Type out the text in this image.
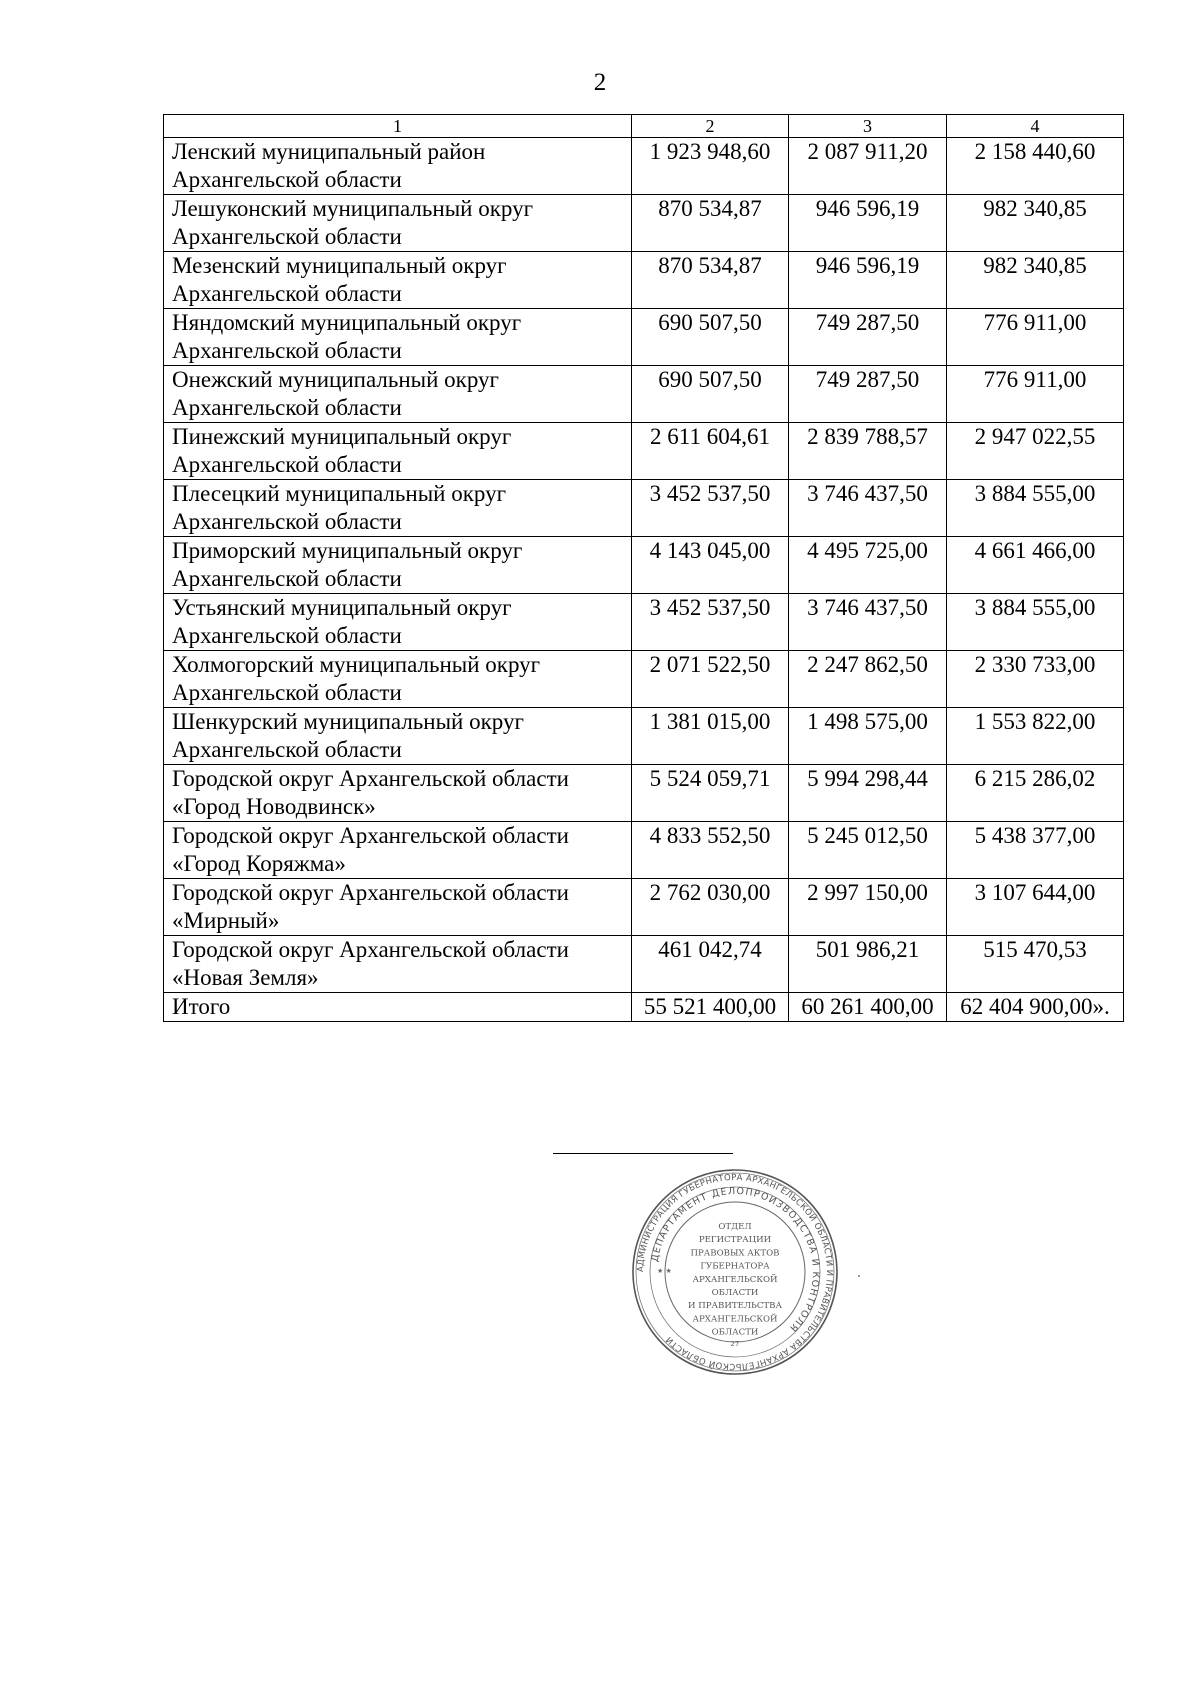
2
1	2	3	4

Ленский муниципальный район
Архангельской области	1 923 948,60	2 087 911,20	2 158 440,60

Лешуконский муниципальный округ
Архангельской области	870 534,87	946 596,19	982 340,85

Мезенский муниципальный округ
Архангельской области	870 534,87	946 596,19	982 340,85

Няндомский муниципальный округ
Архангельской области	690 507,50	749 287,50	776 911,00

Онежский муниципальный округ
Архангельской области	690 507,50	749 287,50	776 911,00

Пинежский муниципальный округ
Архангельской области	2 611 604,61	2 839 788,57	2 947 022,55

Плесецкий муниципальный округ
Архангельской области	3 452 537,50	3 746 437,50	3 884 555,00

Приморский муниципальный округ
Архангельской области	4 143 045,00	4 495 725,00	4 661 466,00

Устьянский муниципальный округ
Архангельской области	3 452 537,50	3 746 437,50	3 884 555,00

Холмогорский муниципальный округ
Архангельской области	2 071 522,50	2 247 862,50	2 330 733,00

Шенкурский муниципальный округ
Архангельской области	1 381 015,00	1 498 575,00	1 553 822,00

Городской округ Архангельской области
«Город Новодвинск»	5 524 059,71	5 994 298,44	6 215 286,02

Городской округ Архангельской области
«Город Коряжма»	4 833 552,50	5 245 012,50	5 438 377,00

Городской округ Архангельской области
«Мирный»	2 762 030,00	2 997 150,00	3 107 644,00

Городской округ Архангельской области
«Новая Земля»	461 042,74	501 986,21	515 470,53
Итого	55 521 400,00	60 261 400,00	62 404 900,00».
АДМИНИСТРАЦИЯ ГУБЕРНАТОРА АРХАНГЕЛЬСКОЙ ОБЛАСТИ И ПРАВИТЕЛЬСТВА АРХАНГЕЛЬСКОЙ ОБЛАСТИ
ДЕПАРТАМЕНТ ДЕЛОПРОИЗВОДСТВА И КОНТРОЛЯ
ОТДЕЛ
РЕГИСТРАЦИИ
ПРАВОВЫХ АКТОВ
ГУБЕРНАТОРА
АРХАНГЕЛЬСКОЙ
ОБЛАСТИ
И ПРАВИТЕЛЬСТВА
АРХАНГЕЛЬСКОЙ
ОБЛАСТИ
27
★ ★
